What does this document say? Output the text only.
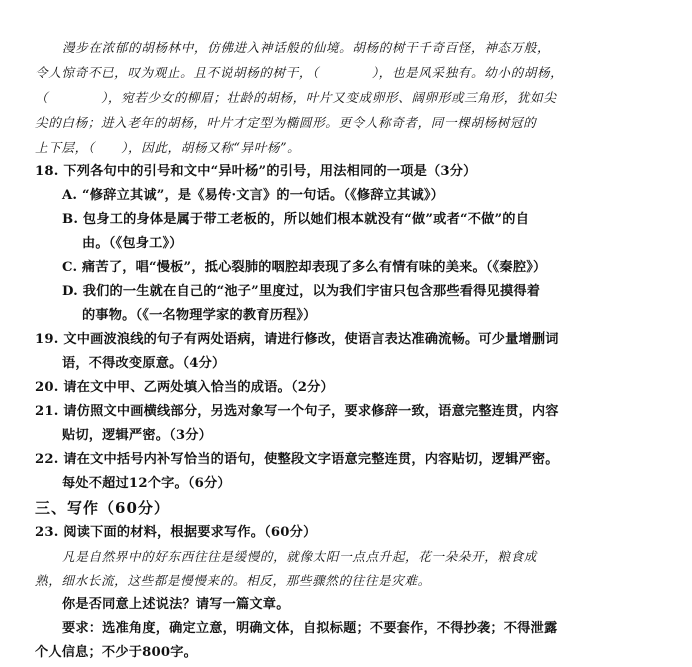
漫步在浓郁的胡杨林中，仿佛进入神话般的仙境。胡杨的树干千奇百怪，神态万般，
令人惊奇不已，叹为观止。且不说胡杨的树干，（　　　　），也是风采独有。幼小的胡杨，
（　　　　），宛若少女的柳眉；壮龄的胡杨，叶片又变成卵形、阔卵形或三角形，犹如尖
尖的白杨；进入老年的胡杨，叶片才定型为椭圆形。更令人称奇者，同一棵胡杨树冠的
上下层，（　　），因此，胡杨又称“异叶杨”。
18. 下列各句中的引号和文中“异叶杨”的引号，用法相同的一项是（3分）
A. “修辞立其诚”，是《易传·文言》的一句话。（《修辞立其诚》）
B. 包身工的身体是属于带工老板的，所以她们根本就没有“做”或者“不做”的自
由。（《包身工》）
C. 痛苦了，唱“慢板”，抵心裂肺的咽腔却表现了多么有情有味的美来。（《秦腔》）
D. 我们的一生就在自己的“池子”里度过，以为我们宇宙只包含那些看得见摸得着
的事物。（《一名物理学家的教育历程》）
19. 文中画波浪线的句子有两处语病，请进行修改，使语言表达准确流畅。可少量增删词
语，不得改变原意。（4分）
20. 请在文中甲、乙两处填入恰当的成语。（2分）
21. 请仿照文中画横线部分，另选对象写一个句子，要求修辞一致，语意完整连贯，内容
贴切，逻辑严密。（3分）
22. 请在文中括号内补写恰当的语句，使整段文字语意完整连贯，内容贴切，逻辑严密。
每处不超过12个字。（6分）
三、写作（60分）
23. 阅读下面的材料，根据要求写作。（60分）
凡是自然界中的好东西往往是缓慢的，就像太阳一点点升起，花一朵朵开，粮食成
熟，细水长流，这些都是慢慢来的。相反，那些骤然的往往是灾难。
你是否同意上述说法？请写一篇文章。
要求：选准角度，确定立意，明确文体，自拟标题；不要套作，不得抄袭；不得泄露
个人信息；不少于800字。
